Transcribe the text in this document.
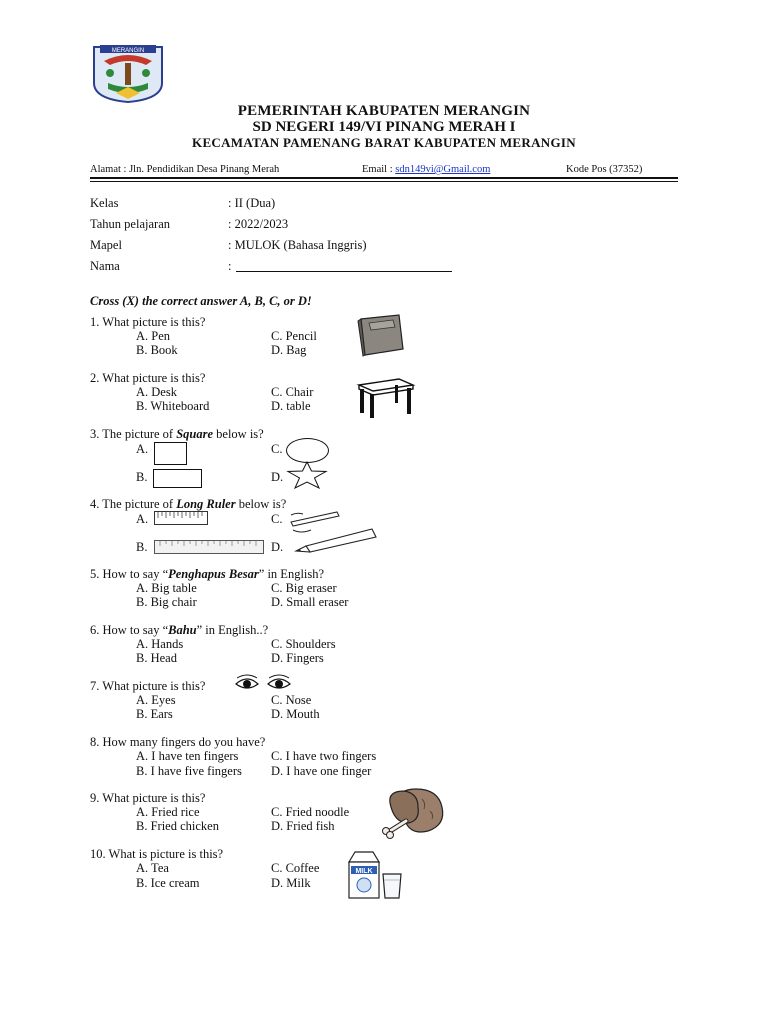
MERANGIN
PEMERINTAH KABUPATEN MERANGIN
SD NEGERI 149/VI PINANG MERAH I
KECAMATAN PAMENANG BARAT KABUPATEN MERANGIN
Alamat : Jln. Pendidikan Desa Pinang Merah	Email : sdn149vi@Gmail.com	Kode Pos (37352)
Kelas	: II (Dua)
Tahun pelajaran	: 2022/2023
Mapel	: MULOK (Bahasa Inggris)
Nama	:
Cross (X) the correct answer A, B, C, or D!
1. What picture is this?
A. Pen
B. Book
C. Pencil
D. Bag
2. What picture is this?
A. Desk
B. Whiteboard
C. Chair
D. table
3. The picture of Square below is?
A.
B.
C.
D.
4. The picture of Long Ruler below is?
A.
B.
C.
D.
5. How to say “Penghapus Besar” in English?
A. Big table
B. Big chair
C. Big eraser
D. Small eraser
6. How to say “Bahu” in English..?
A. Hands
B. Head
C. Shoulders
D. Fingers
7. What picture is this?
A. Eyes
B. Ears
C. Nose
D. Mouth
8. How many fingers do you have?
A. I have ten fingers
B. I have five fingers
C. I have two fingers
D. I have one finger
9. What picture is this?
A. Fried rice
B. Fried chicken
C. Fried noodle
D. Fried fish
10. What is picture is this?
A. Tea
B. Ice cream
C. Coffee
D. Milk
MILK
